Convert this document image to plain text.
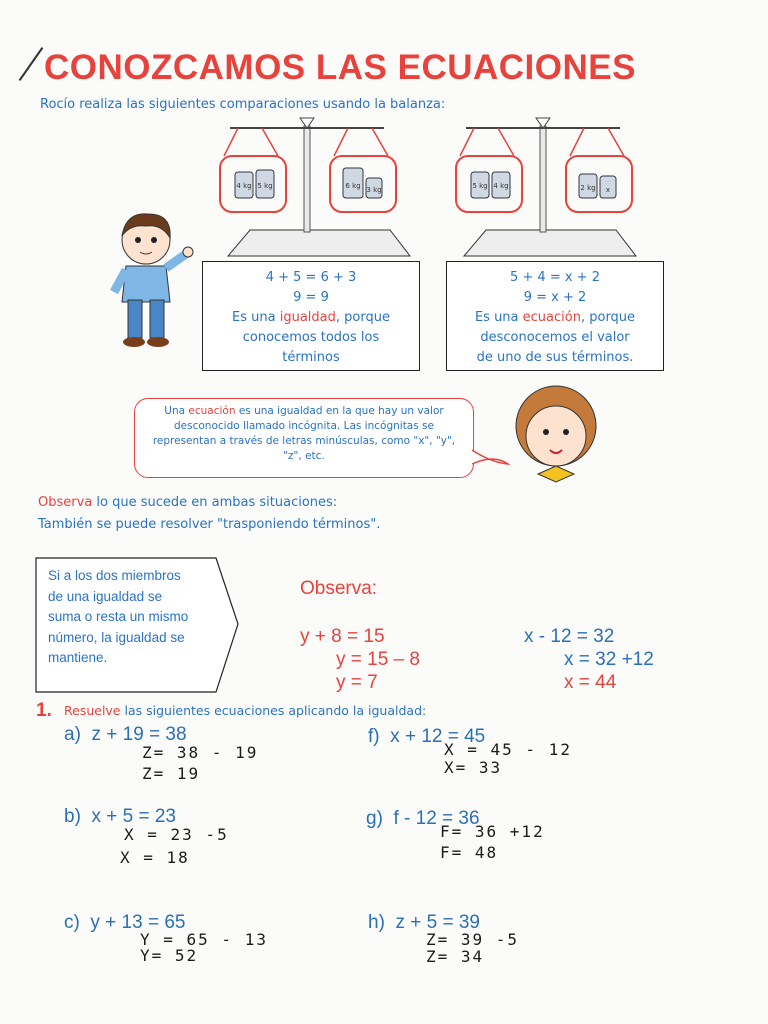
CONOZCAMOS LAS ECUACIONES
Rocío realiza las siguientes comparaciones usando la balanza:
4 kg 5 kg	6 kg 3 kg	5 kg 4 kg	2 kg x
4 + 5 = 6 + 3
9 = 9
Es una igualdad, porque
conocemos todos los
términos
5 + 4 = x + 2
9 = x + 2
Es una ecuación, porque
desconocemos el valor
de uno de sus términos.
Una ecuación es una igualdad en la que hay un valor desconocido llamado incógnita. Las incógnitas se representan a través de letras minúsculas, como "x", "y", "z", etc.
Observa lo que sucede en ambas situaciones:
También se puede resolver "trasponiendo términos".
Si a los dos miembros de una igualdad se suma o resta un mismo número, la igualdad se mantiene.
Observa:
y + 8 = 15
y = 15 – 8
y = 7
x - 12 = 32
x = 32 +12
x = 44
1. Resuelve las siguientes ecuaciones aplicando la igualdad:
a) z + 19 = 38
Z= 38 - 19
Z= 19
f) x + 12 = 45
X = 45 - 12
X= 33
b) x + 5 = 23
X = 23 -5
X = 18
g) f - 12 = 36
F= 36 +12
F= 48
c) y + 13 = 65
Y = 65 - 13
Y= 52
h) z + 5 = 39
Z= 39 -5
Z= 34
